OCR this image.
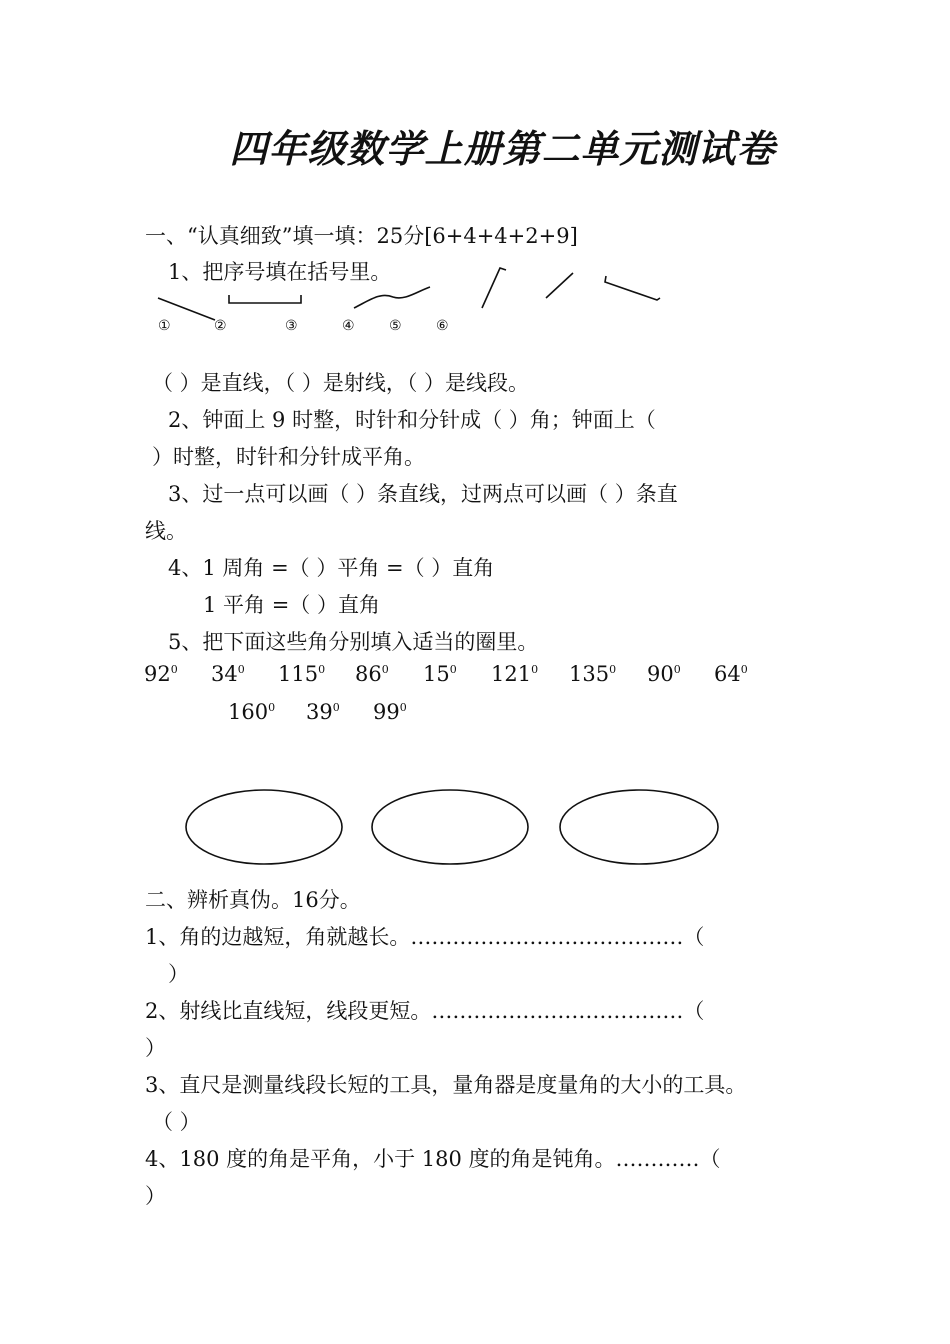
四年级数学上册第二单元测试卷
一、“认真细致”填一填：25分[6+4+4+2+9]
1、把序号填在括号里。
①	②	③	④ ⑤ ⑥
（ ）是直线，（ ）是射线，（ ）是线段。
2、钟面上 9 时整，时针和分针成（ ）角；钟面上（
）时整，时针和分针成平角。
3、过一点可以画（ ）条直线，过两点可以画（ ）条直
线。
4、1 周角 =（ ）平角 =（ ）直角
1 平角 =（ ）直角
5、把下面这些角分别填入适当的圈里。
$92^0$ $34^0$ $115^0$ $86^0$ $15^0$ $121^0$ $135^0$ $90^0$ $64^0$
$160^0$ $39^0$ $99^0$
二、辨析真伪。16分。
1、角的边越短，角就越长。…………………………………（
）
2、射线比直线短，线段更短。………………………………（
）
3、直尺是测量线段长短的工具，量角器是度量角的大小的工具。
（ ）
4、180 度的角是平角，小于 180 度的角是钝角。…………（
）
